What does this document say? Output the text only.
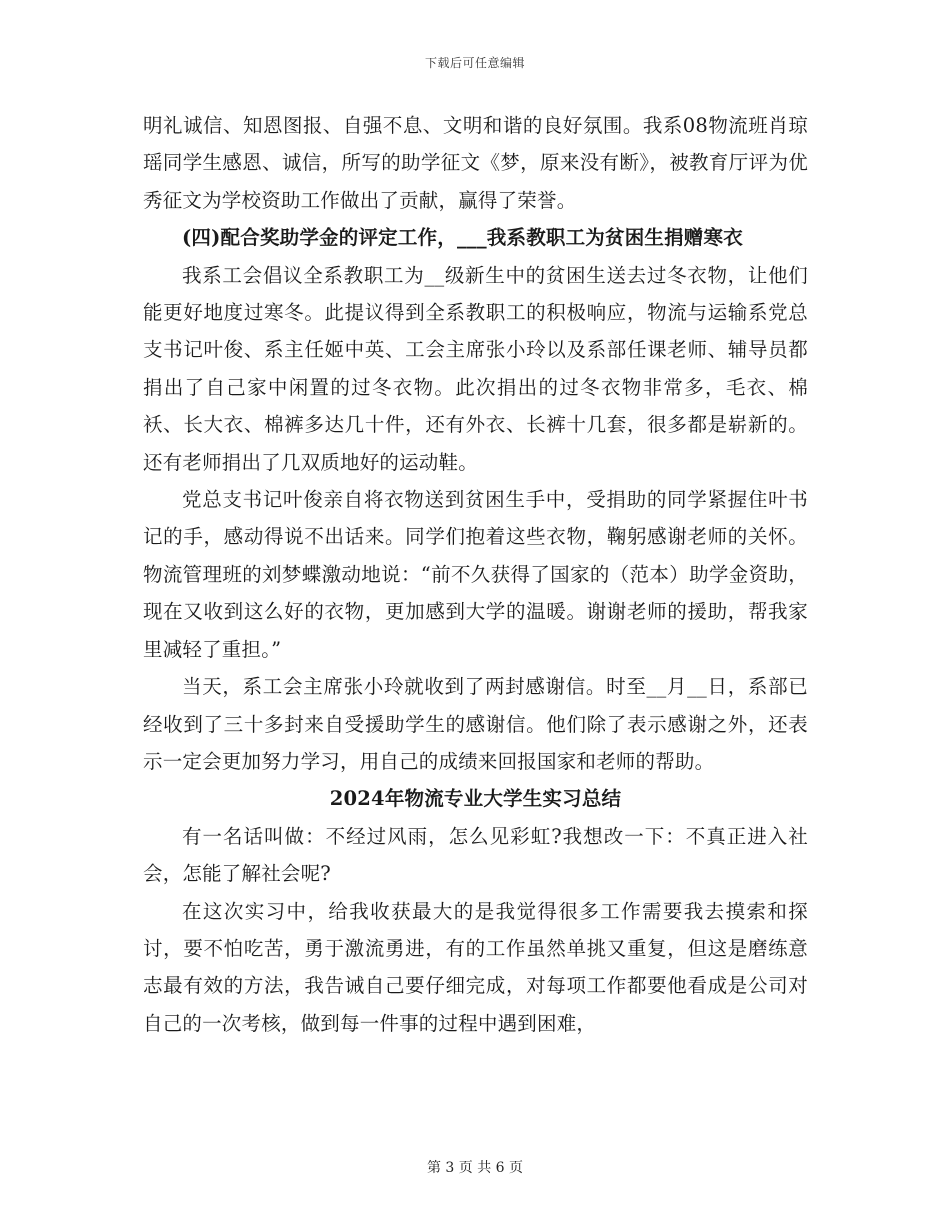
下载后可任意编辑

明礼诚信、知恩图报、自强不息、文明和谐的良好氛围。我系08物流班肖琼瑶同学生感恩、诚信，所写的助学征文《梦，原来没有断》，被教育厅评为优秀征文为学校资助工作做出了贡献，赢得了荣誉。

(四)配合奖助学金的评定工作，___我系教职工为贫困生捐赠寒衣

我系工会倡议全系教职工为__级新生中的贫困生送去过冬衣物，让他们能更好地度过寒冬。此提议得到全系教职工的积极响应，物流与运输系党总支书记叶俊、系主任姬中英、工会主席张小玲以及系部任课老师、辅导员都捐出了自己家中闲置的过冬衣物。此次捐出的过冬衣物非常多，毛衣、棉袄、长大衣、棉裤多达几十件，还有外衣、长裤十几套，很多都是崭新的。还有老师捐出了几双质地好的运动鞋。

党总支书记叶俊亲自将衣物送到贫困生手中，受捐助的同学紧握住叶书记的手，感动得说不出话来。同学们抱着这些衣物，鞠躬感谢老师的关怀。物流管理班的刘梦蝶激动地说：“前不久获得了国家的（范本）助学金资助，现在又收到这么好的衣物，更加感到大学的温暖。谢谢老师的援助，帮我家里减轻了重担。”

当天，系工会主席张小玲就收到了两封感谢信。时至__月__日，系部已经收到了三十多封来自受援助学生的感谢信。他们除了表示感谢之外，还表示一定会更加努力学习，用自己的成绩来回报国家和老师的帮助。

2024年物流专业大学生实习总结

有一名话叫做：不经过风雨，怎么见彩虹?我想改一下：不真正进入社会，怎能了解社会呢?

在这次实习中，给我收获最大的是我觉得很多工作需要我去摸索和探讨，要不怕吃苦，勇于激流勇进，有的工作虽然单挑又重复，但这是磨练意志最有效的方法，我告诫自己要仔细完成，对每项工作都要他看成是公司对自己的一次考核，做到每一件事的过程中遇到困难，

第 3 页 共 6 页
